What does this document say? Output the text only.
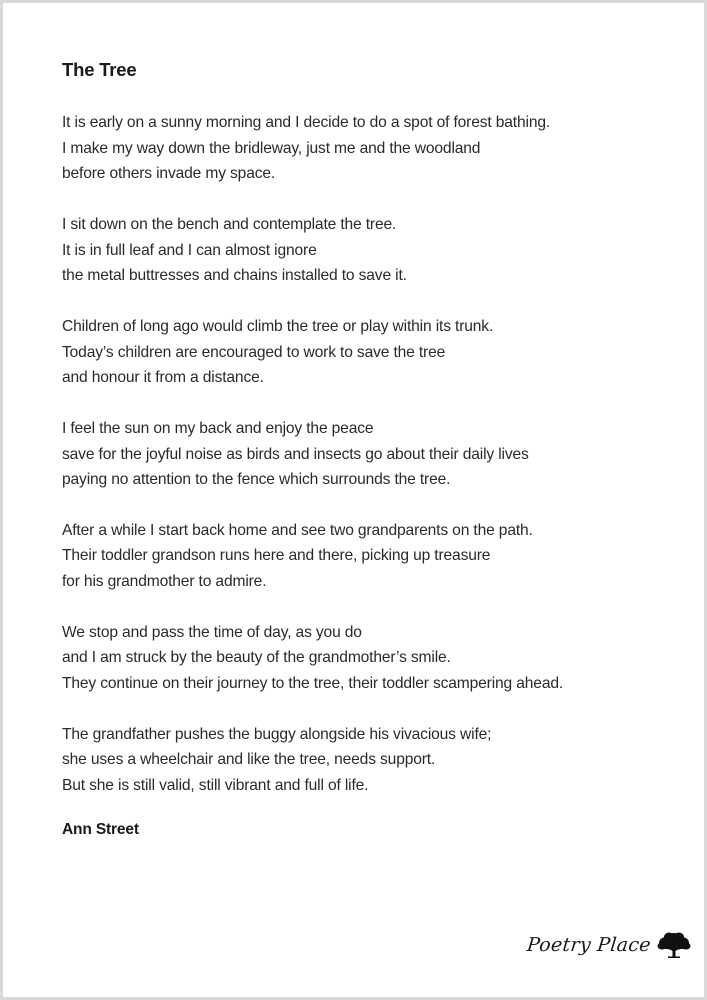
The Tree

It is early on a sunny morning and I decide to do a spot of forest bathing.
I make my way down the bridleway, just me and the woodland
before others invade my space.

I sit down on the bench and contemplate the tree.
It is in full leaf and I can almost ignore
the metal buttresses and chains installed to save it.

Children of long ago would climb the tree or play within its trunk.
Today’s children are encouraged to work to save the tree
and honour it from a distance.

I feel the sun on my back and enjoy the peace
save for the joyful noise as birds and insects go about their daily lives
paying no attention to the fence which surrounds the tree.

After a while I start back home and see two grandparents on the path.
Their toddler grandson runs here and there, picking up treasure
for his grandmother to admire.

We stop and pass the time of day, as you do
and I am struck by the beauty of the grandmother’s smile.
They continue on their journey to the tree, their toddler scampering ahead.

The grandfather pushes the buggy alongside his vivacious wife;
she uses a wheelchair and like the tree, needs support.
But she is still valid, still vibrant and full of life.

Ann Street

Poetry Place
